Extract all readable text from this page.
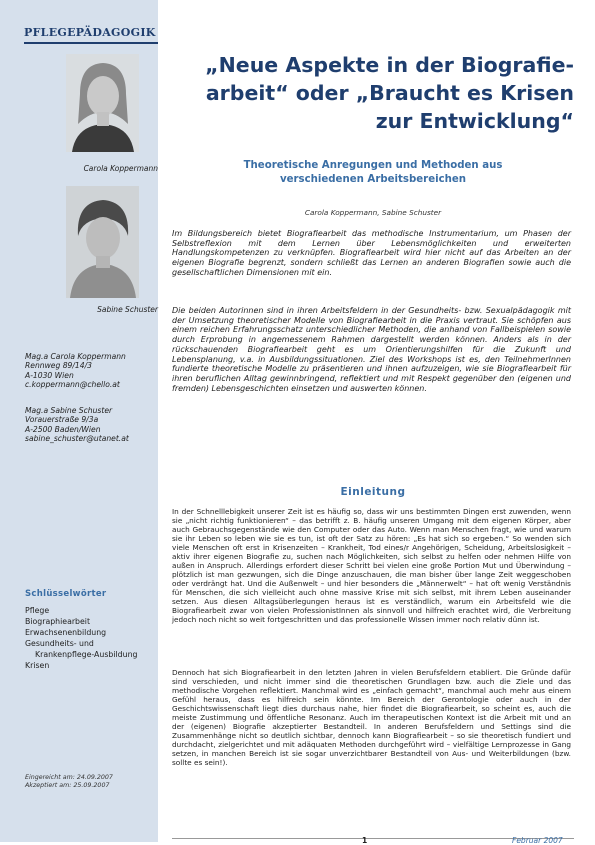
PFLEGEPÄDAGOGIK
Carola Koppermann
Sabine Schuster
Mag.a Carola Koppermann
Rennweg 89/14/3
A-1030 Wien
c.koppermann@chello.at
Mag.a Sabine Schuster
Vorauerstraße 9/3a
A-2500 Baden/Wien
sabine_schuster@utanet.at
Schlüsselwörter
Pflege
Biographiearbeit
Erwachsenenbildung
Gesundheits- und Krankenpflege-Ausbildung
Krisen
Eingereicht am: 24.09.2007
Akzeptiert am: 25.09.2007
„Neue Aspekte in der Biografie-
arbeit“ oder „Braucht es Krisen
zur Entwicklung“
Theoretische Anregungen und Methoden aus
verschiedenen Arbeitsbereichen
Carola Koppermann, Sabine Schuster

Im Bildungsbereich bietet Biografiearbeit das methodische Instrumentarium, um Phasen der Selbstreflexion mit dem Lernen über Lebensmöglichkeiten und erweiterten Handlungskompetenzen zu verknüpfen. Biografiearbeit wird hier nicht auf das Arbeiten an der eigenen Biografie begrenzt, sondern schließt das Lernen an anderen Biografien sowie auch die gesellschaftlichen Dimensionen mit ein.

Die beiden Autorinnen sind in ihren Arbeitsfeldern in der Gesundheits- bzw. Sexualpädagogik mit der Umsetzung theoretischer Modelle von Biografiearbeit in die Praxis vertraut. Sie schöpfen aus einem reichen Erfahrungsschatz unterschiedlicher Methoden, die anhand von Fallbeispielen sowie durch Erprobung in angemessenem Rahmen dargestellt werden können. Anders als in der rückschauenden Biografiearbeit geht es um Orientierungshilfen für die Zukunft und Lebensplanung, v.a. in Ausbildungssituationen. Ziel des Workshops ist es, den TeilnehmerInnen fundierte theoretische Modelle zu präsentieren und ihnen aufzuzeigen, wie sie Biografiearbeit für ihren beruflichen Alltag gewinnbringend, reflektiert und mit Respekt gegenüber den (eigenen und fremden) Lebensgeschichten einsetzen und auswerten können.

Einleitung

In der Schnelllebigkeit unserer Zeit ist es häufig so, dass wir uns bestimmten Dingen erst zuwenden, wenn sie „nicht richtig funktionieren“ – das betrifft z. B. häufig unseren Umgang mit dem eigenen Körper, aber auch Gebrauchsgegenstände wie den Computer oder das Auto. Wenn man Menschen fragt, wie und warum sie ihr Leben so leben wie sie es tun, ist oft der Satz zu hören: „Es hat sich so ergeben.“ So wenden sich viele Menschen oft erst in Krisenzeiten – Krankheit, Tod eines/r Angehörigen, Scheidung, Arbeitslosigkeit – aktiv ihrer eigenen Biografie zu, suchen nach Möglichkeiten, sich selbst zu helfen oder nehmen Hilfe von außen in Anspruch. Allerdings erfordert dieser Schritt bei vielen eine große Portion Mut und Überwindung – plötzlich ist man gezwungen, sich die Dinge anzuschauen, die man bisher über lange Zeit weggeschoben oder verdrängt hat. Und die Außenwelt – und hier besonders die „Männerwelt“ – hat oft wenig Verständnis für Menschen, die sich vielleicht auch ohne massive Krise mit sich selbst, mit ihrem Leben auseinander setzen. Aus diesen Alltagsüberlegungen heraus ist es verständlich, warum ein Arbeitsfeld wie die Biografiearbeit zwar von vielen ProfessionistInnen als sinnvoll und hilfreich erachtet wird, die Verbreitung jedoch noch nicht so weit fortgeschritten und das professionelle Wissen immer noch relativ dünn ist.

Dennoch hat sich Biografiearbeit in den letzten Jahren in vielen Berufsfeldern etabliert. Die Gründe dafür sind verschieden, und nicht immer sind die theoretischen Grundlagen bzw. auch die Ziele und das methodische Vorgehen reflektiert. Manchmal wird es „einfach gemacht“, manchmal auch mehr aus einem Gefühl heraus, dass es hilfreich sein könnte. Im Bereich der Gerontologie oder auch in der Geschichtswissenschaft liegt dies durchaus nahe, hier findet die Biografiearbeit, so scheint es, auch die meiste Zustimmung und öffentliche Resonanz. Auch im therapeutischen Kontext ist die Arbeit mit und an der (eigenen) Biografie akzeptierter Bestandteil. In anderen Berufsfeldern und Settings sind die Zusammenhänge nicht so deutlich sichtbar, dennoch kann Biografiearbeit – so sie theoretisch fundiert und durchdacht, zielgerichtet und mit adäquaten Methoden durchgeführt wird – vielfältige Lernprozesse in Gang setzen, in manchen Bereich ist sie sogar unverzichtbarer Bestandteil von Aus- und Weiterbildungen (bzw. sollte es sein!).

1	Februar 2007
